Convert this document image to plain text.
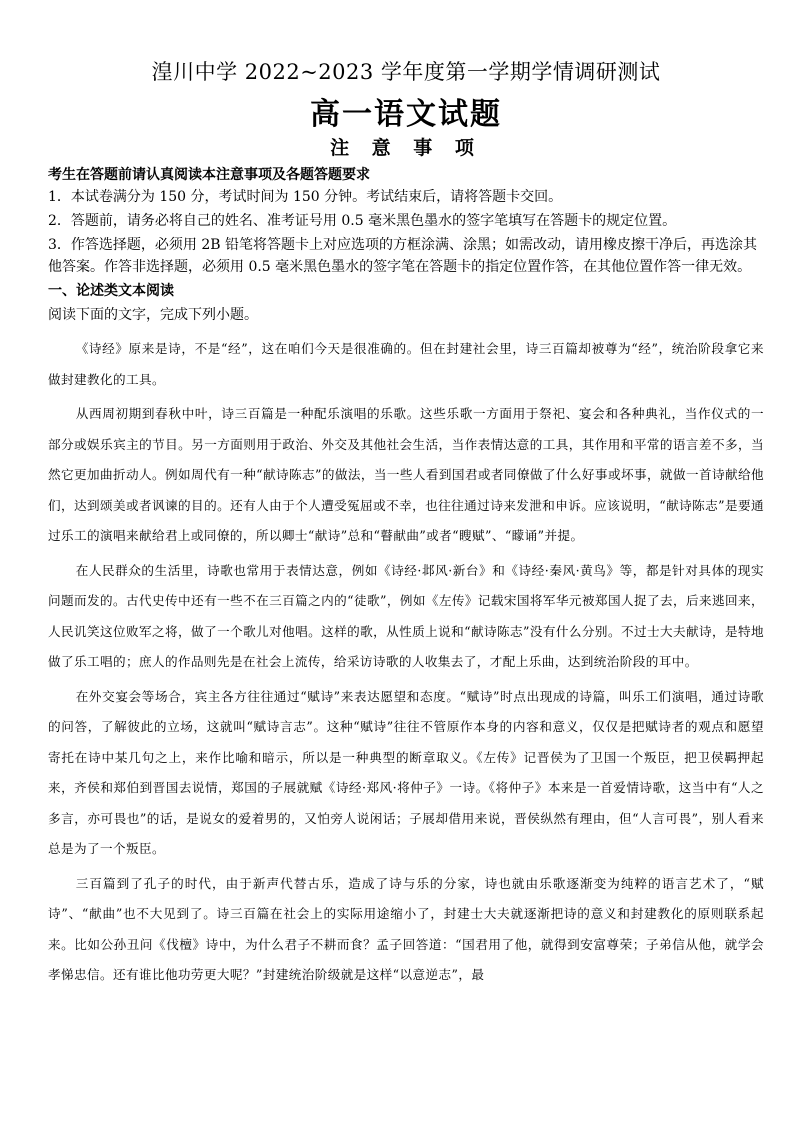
湟川中学 2022~2023 学年度第一学期学情调研测试
高一语文试题
注 意 事 项
考生在答题前请认真阅读本注意事项及各题答题要求

1．本试卷满分为 150 分，考试时间为 150 分钟。考试结束后，请将答题卡交回。

2．答题前，请务必将自己的姓名、准考证号用 0.5 毫米黑色墨水的签字笔填写在答题卡的规定位置。

3．作答选择题，必须用 2B 铅笔将答题卡上对应选项的方框涂满、涂黑；如需改动，请用橡皮擦干净后，再选涂其他答案。作答非选择题，必须用 0.5 毫米黑色墨水的签字笔在答题卡的指定位置作答，在其他位置作答一律无效。

一、论述类文本阅读
阅读下面的文字，完成下列小题。

《诗经》原来是诗，不是“经”，这在咱们今天是很准确的。但在封建社会里，诗三百篇却被尊为“经”，统治阶段拿它来做封建教化的工具。

从西周初期到春秋中叶，诗三百篇是一种配乐演唱的乐歌。这些乐歌一方面用于祭祀、宴会和各种典礼，当作仪式的一部分或娱乐宾主的节目。另一方面则用于政治、外交及其他社会生活，当作表情达意的工具，其作用和平常的语言差不多，当然它更加曲折动人。例如周代有一种“献诗陈志”的做法，当一些人看到国君或者同僚做了什么好事或坏事，就做一首诗献给他们，达到颂美或者讽谏的目的。还有人由于个人遭受冤屈或不幸，也往往通过诗来发泄和申诉。应该说明，“献诗陈志”是要通过乐工的演唱来献给君上或同僚的，所以卿士“献诗”总和“瞽献曲”或者“瞍赋”、“矇诵”并提。

在人民群众的生活里，诗歌也常用于表情达意，例如《诗经·邶风·新台》和《诗经·秦风·黄鸟》等，都是针对具体的现实问题而发的。古代史传中还有一些不在三百篇之内的“徒歌”，例如《左传》记载宋国将军华元被郑国人捉了去，后来逃回来，人民讥笑这位败军之将，做了一个歌儿对他唱。这样的歌，从性质上说和“献诗陈志”没有什么分别。不过士大夫献诗，是特地做了乐工唱的；庶人的作品则先是在社会上流传，给采访诗歌的人收集去了，才配上乐曲，达到统治阶段的耳中。

在外交宴会等场合，宾主各方往往通过“赋诗”来表达愿望和态度。“赋诗”时点出现成的诗篇，叫乐工们演唱，通过诗歌的问答，了解彼此的立场，这就叫“赋诗言志”。这种“赋诗”往往不管原作本身的内容和意义，仅仅是把赋诗者的观点和愿望寄托在诗中某几句之上，来作比喻和暗示，所以是一种典型的断章取义。《左传》记晋侯为了卫国一个叛臣，把卫侯羁押起来，齐侯和郑伯到晋国去说情，郑国的子展就赋《诗经·郑风·将仲子》一诗。《将仲子》本来是一首爱情诗歌，这当中有“人之多言，亦可畏也”的话，是说女的爱着男的，又怕旁人说闲话；子展却借用来说，晋侯纵然有理由，但“人言可畏”，别人看来总是为了一个叛臣。

三百篇到了孔子的时代，由于新声代替古乐，造成了诗与乐的分家，诗也就由乐歌逐渐变为纯粹的语言艺术了，“赋诗”、“献曲”也不大见到了。诗三百篇在社会上的实际用途缩小了，封建士大夫就逐渐把诗的意义和封建教化的原则联系起来。比如公孙丑问《伐檀》诗中，为什么君子不耕而食？孟子回答道：“国君用了他，就得到安富尊荣；子弟信从他，就学会孝悌忠信。还有谁比他功劳更大呢？”封建统治阶级就是这样“以意逆志”，最
